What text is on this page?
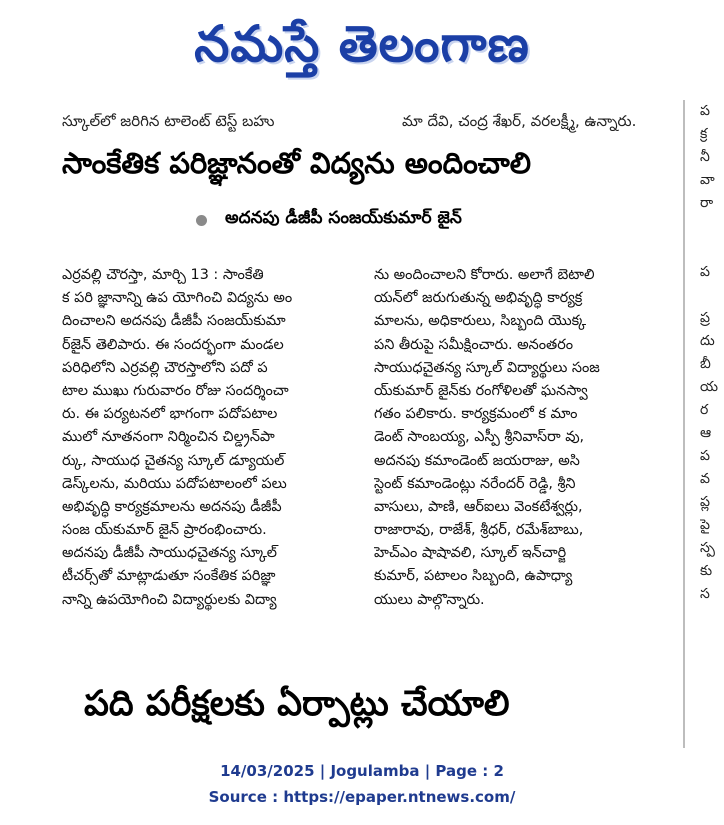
నమస్తే తెలంగాణ
స్కూల్‌లో జరిగిన టాలెంట్ టెస్ట్ బహు	మా దేవి, చంద్ర శేఖర్, వరలక్ష్మీ, ఉన్నారు.
సాంకేతిక పరిజ్ఞానంతో విద్యను అందించాలి
అదనపు డీజీపీ సంజయ్‌కుమార్ జైన్
ఎర్రవల్లి చౌరస్తా, మార్చి 13 : సాంకేతి
క పరి జ్ఞానాన్ని ఉప యోగించి విద్యను అం
దించాలని అదనపు డీజీపీ సంజయ్‌కుమా
ర్‌జైన్ తెలిపారు. ఈ సందర్భంగా మండల
పరిధిలోని ఎర్రవల్లి చౌరస్తాలోని పదో ప
టాల ముఖు గురువారం రోజు సందర్శించా
రు. ఈ పర్యటనలో భాగంగా పదోపటాల
ములో నూతనంగా నిర్మించిన చిల్డ్రన్‌పా
ర్కు, సాయుధ చైతన్య స్కూల్ డ్యూయల్
డెస్క్‌లను, మరియు పదోపటాలంలో పలు
అభివృద్ధి కార్యక్రమాలను అదనపు డీజీపీ
సంజ య్‌కుమార్ జైన్ ప్రారంభించారు.
అదనపు డీజీపీ సాయుధచైతన్య స్కూల్
టీచర్స్‌తో మాట్లాడుతూ సంకేతిక పరిజ్ఞా
నాన్ని ఉపయోగించి విద్యార్థులకు విద్యా
ను అందించాలని కోరారు. అలాగే బెటాలి
యన్‌లో జరుగుతున్న అభివృద్ధి కార్యక్ర
మాలను, అధికారులు, సిబ్బంది యొక్క
పని తీరుపై సమీక్షించారు. అనంతరం
సాయుధచైతన్య స్కూల్ విద్యార్థులు సంజ
య్‌కుమార్ జైన్‌కు రంగోళిలతో ఘనస్వా
గతం పలికారు. కార్యక్రమంలో క మాం
డెంట్ సాంబయ్య, ఎస్పీ శ్రీనివాస్‌రా వు,
అదనపు కమాండెంట్ జయరాజు, అసి
స్టెంట్ కమాండెంట్లు నరేందర్ రెడ్డి, శ్రీని
వాసులు, పాణి, ఆర్‌ఐలు వెంకటేశ్వర్లు,
రాజారావు, రాజేశ్, శ్రీధర్, రమేశ్‌బాబు,
హెచ్ఎం షాషావలి, స్కూల్ ఇన్‌చార్జి
కుమార్, పటాలం సిబ్బంది, ఉపాధ్యా
యులు పాల్గొన్నారు.
పది పరీక్షలకు ఏర్పాట్లు చేయాలి
ప
క్ర
నీ
వా
రా
ప
ప్ర
దు
బీ
య
ర
ఆ
ప
వ
ప్ల
పై
స్ప
కు
స
14/03/2025 | Jogulamba | Page : 2
Source : https://epaper.ntnews.com/
